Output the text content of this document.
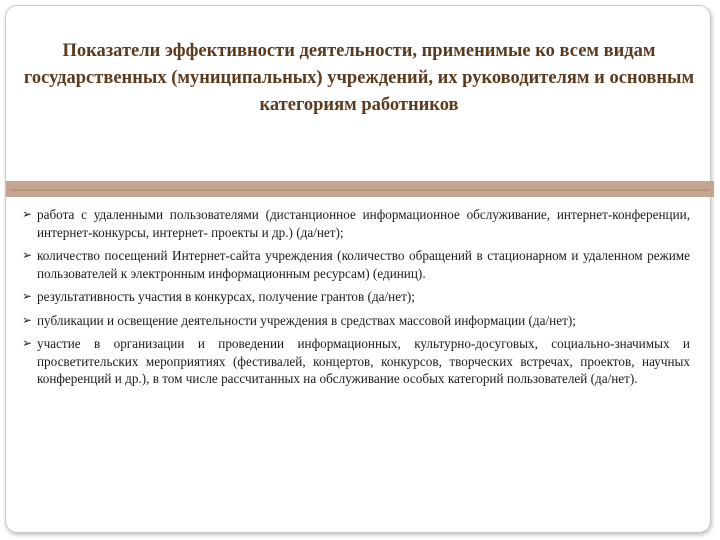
Показатели эффективности деятельности, применимые ко всем видам государственных (муниципальных) учреждений, их руководителям и основным категориям работников
➢ работа с удаленными пользователями (дистанционное информационное обслуживание, интернет-конференции, интернет-конкурсы, интернет- проекты и др.) (да/нет);
➢ количество посещений Интернет-сайта учреждения (количество обращений в стационарном и удаленном режиме пользователей к электронным информационным ресурсам) (единиц).
➢ результативность участия в конкурсах, получение грантов (да/нет);
➢ публикации и освещение деятельности учреждения в средствах массовой информации (да/нет);
➢ участие в организации и проведении информационных, культурно-досуговых, социально-значимых и просветительских мероприятиях (фестивалей, концертов, конкурсов, творческих встречах, проектов, научных конференций и др.), в том числе рассчитанных на обслуживание особых категорий пользователей (да/нет).
